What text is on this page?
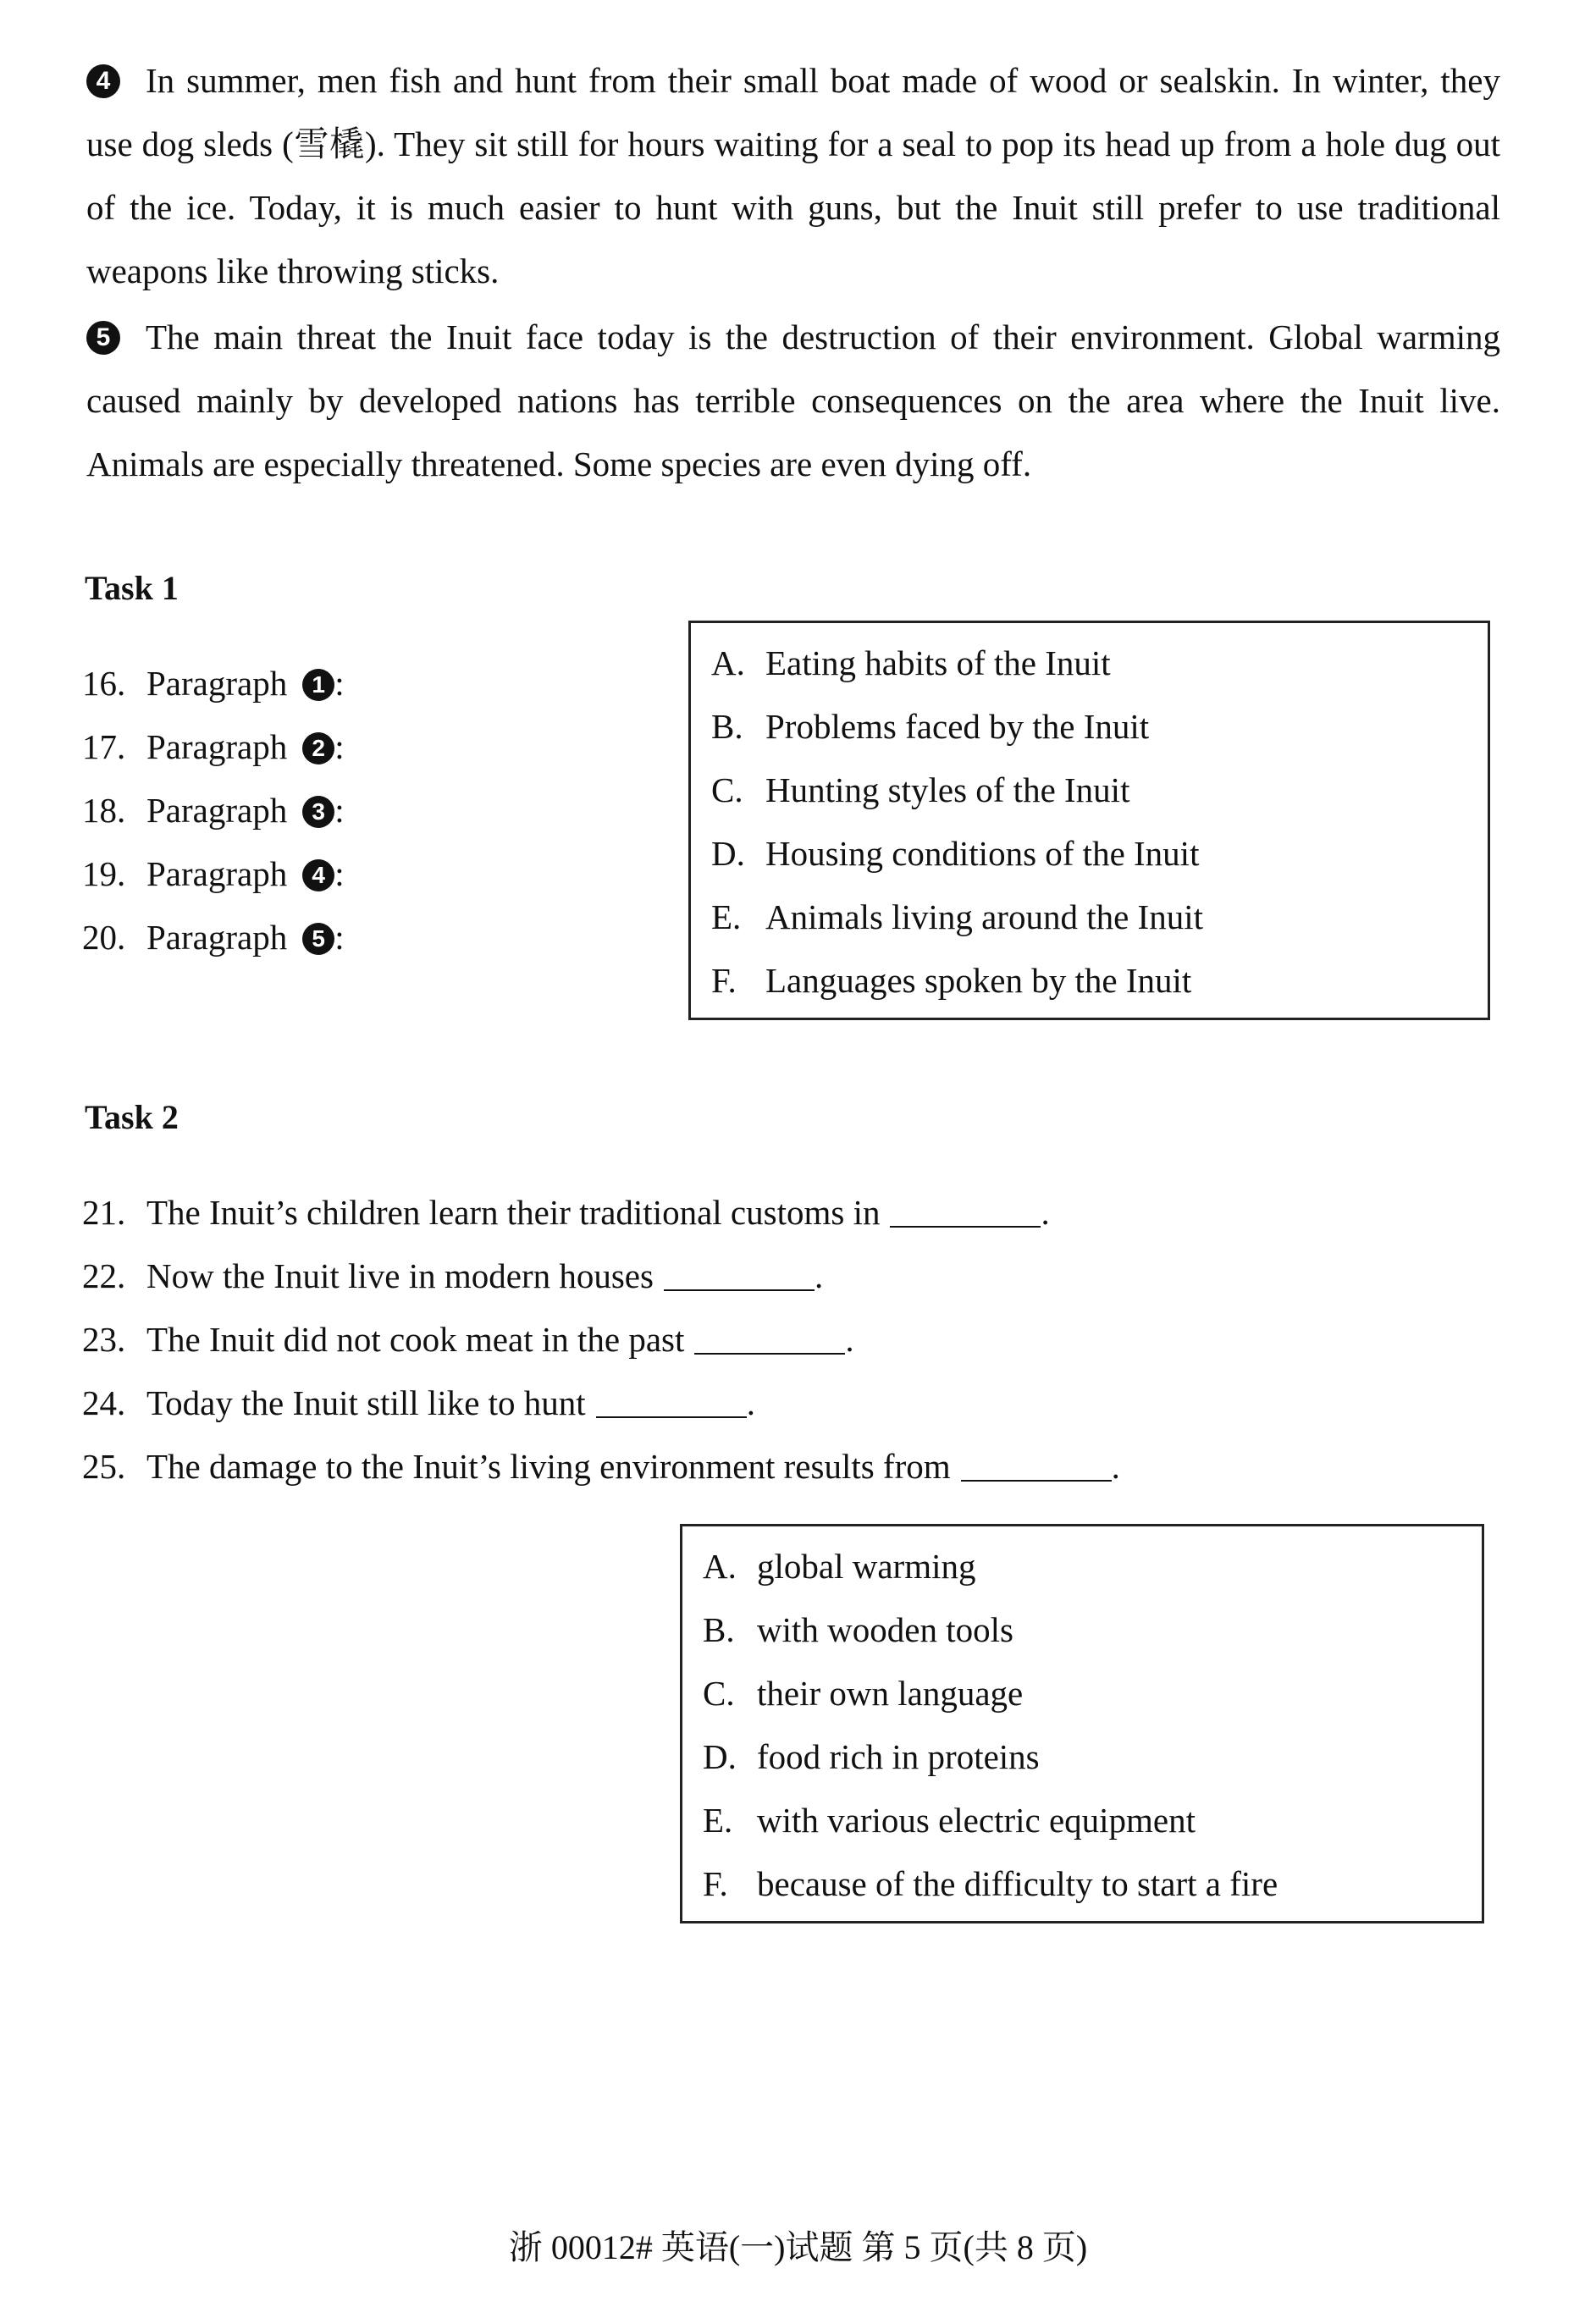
4 In summer, men fish and hunt from their small boat made of wood or sealskin. In winter, they use dog sleds (雪橇). They sit still for hours waiting for a seal to pop its head up from a hole dug out of the ice. Today, it is much easier to hunt with guns, but the Inuit still prefer to use traditional weapons like throwing sticks.
5 The main threat the Inuit face today is the destruction of their environment. Global warming caused mainly by developed nations has terrible consequences on the area where the Inuit live. Animals are especially threatened. Some species are even dying off.
Task 1
16. Paragraph 1 :
17. Paragraph 2 :
18. Paragraph 3 :
19. Paragraph 4 :
20. Paragraph 5 :
A. Eating habits of the Inuit
B. Problems faced by the Inuit
C. Hunting styles of the Inuit
D. Housing conditions of the Inuit
E. Animals living around the Inuit
F. Languages spoken by the Inuit
Task 2
21. The Inuit’s children learn their traditional customs in	.
22. Now the Inuit live in modern houses	.
23. The Inuit did not cook meat in the past	.
24. Today the Inuit still like to hunt	.
25. The damage to the Inuit’s living environment results from	.
A. global warming
B. with wooden tools
C. their own language
D. food rich in proteins
E. with various electric equipment
F. because of the difficulty to start a fire
浙 00012# 英语(一)试题 第 5 页(共 8 页)
